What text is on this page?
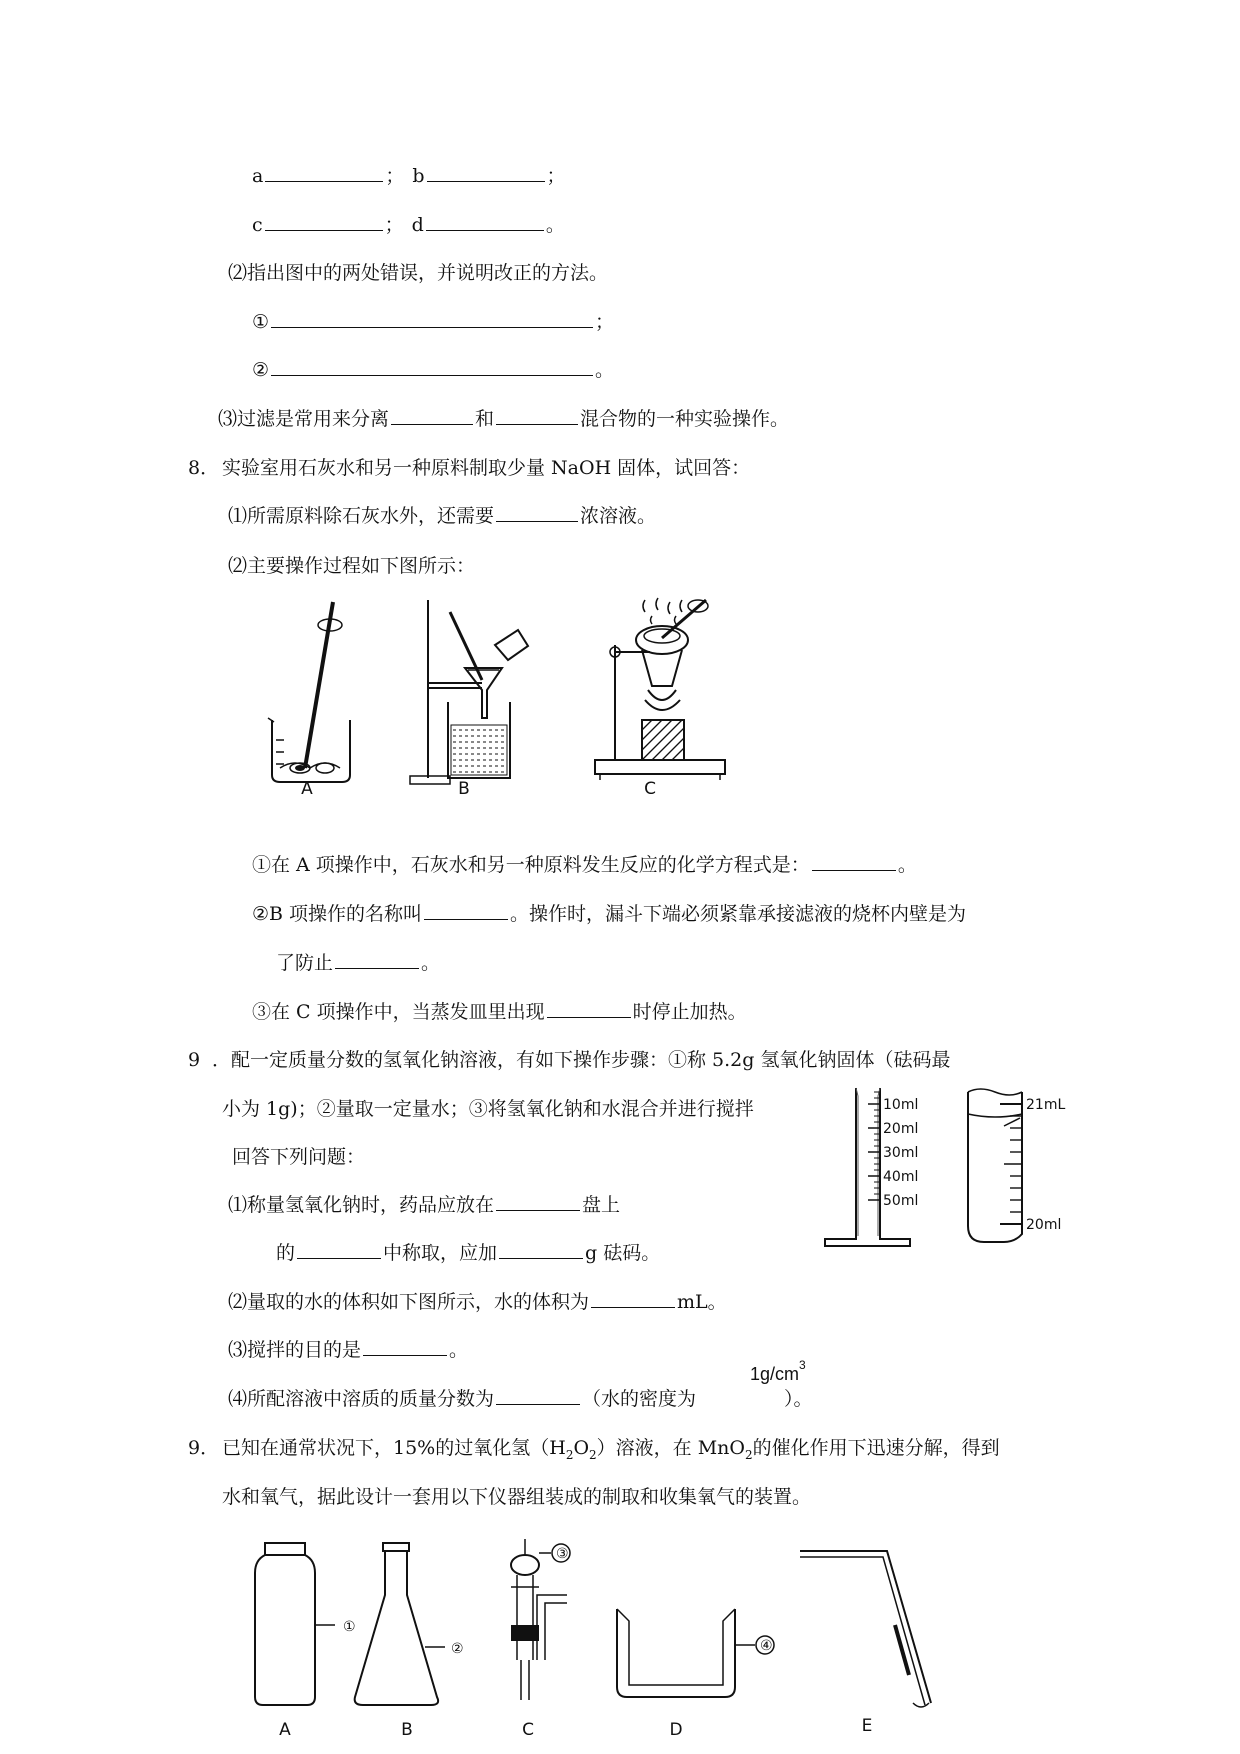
a	； b	；
c	； d	。
⑵指出图中的两处错误，并说明改正的方法。
①	；
②	。
⑶过滤是常用来分离	和	混合物的一种实验操作。
8． 实验室用石灰水和另一种原料制取少量 NaOH 固体，试回答：
⑴所需原料除石灰水外，还需要	浓溶液。
⑵主要操作过程如下图所示：
A	B	C
①在 A 项操作中，石灰水和另一种原料发生反应的化学方程式是：	。
②B 项操作的名称叫	。操作时，漏斗下端必须紧靠承接滤液的烧杯内壁是为
了防止	。
③在 C 项操作中，当蒸发皿里出现	时停止加热。
9 ．配一定质量分数的氢氧化钠溶液，有如下操作步骤：①称 5.2g 氢氧化钠固体（砝码最
小为 1g)；②量取一定量水；③将氢氧化钠和水混合并进行搅拌
回答下列问题：
⑴称量氢氧化钠时，药品应放在	盘上
的	中称取，应加	g 砝码。
⑵量取的水的体积如下图所示，水的体积为	mL。
⑶搅拌的目的是	。
$1g/cm^3$
⑷所配溶液中溶质的质量分数为	（水的密度为	）。
10ml
20ml
30ml
40ml
50ml
21mL
20ml
9． 已知在通常状况下，15%的过氧化氢$(H_2O_2)$溶液，在 MnO$_2$的催化作用下迅速分解，得到
水和氧气，据此设计一套用以下仪器组装成的制取和收集氧气的装置。
①
A
②
B
③
C
④
D	E
